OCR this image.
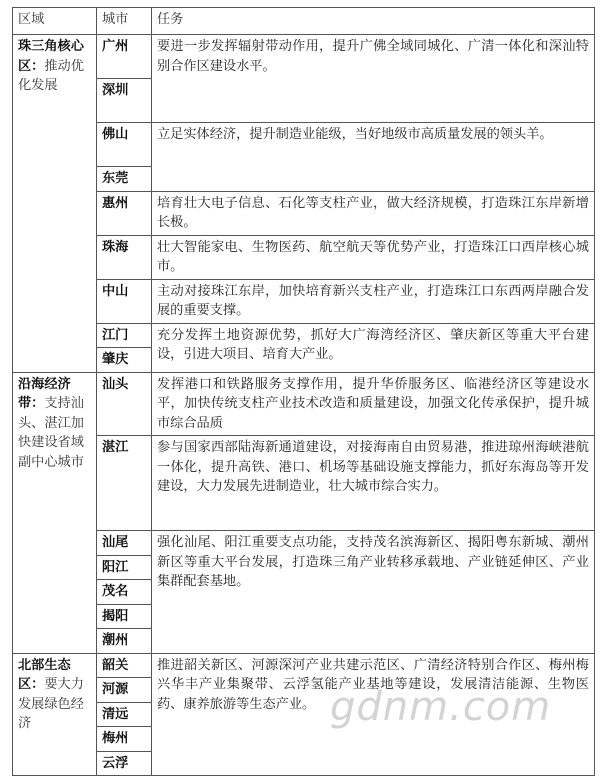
区域	城市	任务
珠三角核心区：推动优化发展	广州	要进一步发挥辐射带动作用，提升广佛全域同城化、广清一体化和深汕特别合作区建设水平。
	深圳	
	佛山	立足实体经济，提升制造业能级，当好地级市高质量发展的领头羊。
	东莞	
	惠州	培育壮大电子信息、石化等支柱产业，做大经济规模，打造珠江东岸新增长极。
	珠海	壮大智能家电、生物医药、航空航天等优势产业，打造珠江口西岸核心城市。
	中山	主动对接珠江东岸，加快培育新兴支柱产业，打造珠江口东西两岸融合发展的重要支撑。
	江门	充分发挥土地资源优势，抓好大广海湾经济区、肇庆新区等重大平台建设，引进大项目、培育大产业。
	肇庆	
沿海经济带：支持汕头、湛江加快建设省域副中心城市	汕头	发挥港口和铁路服务支撑作用，提升华侨服务区、临港经济区等建设水平，加快传统支柱产业技术改造和质量建设，加强文化传承保护，提升城市综合品质
	湛江	参与国家西部陆海新通道建设，对接海南自由贸易港，推进琼州海峡港航一体化，提升高铁、港口、机场等基础设施支撑能力，抓好东海岛等开发建设，大力发展先进制造业，壮大城市综合实力。
	汕尾	强化汕尾、阳江重要支点功能，支持茂名滨海新区、揭阳粤东新城、潮州新区等重大平台发展，打造珠三角产业转移承载地、产业链延伸区、产业集群配套基地。
	阳江	
	茂名	
	揭阳	
	潮州	
北部生态区：要大力发展绿色经济	韶关	推进韶关新区、河源深河产业共建示范区、广清经济特别合作区、梅州梅兴华丰产业集聚带、云浮氢能产业基地等建设，发展清洁能源、生物医药、康养旅游等生态产业。
	河源	
	清远	
	梅州	
	云浮	
gdnm.com
